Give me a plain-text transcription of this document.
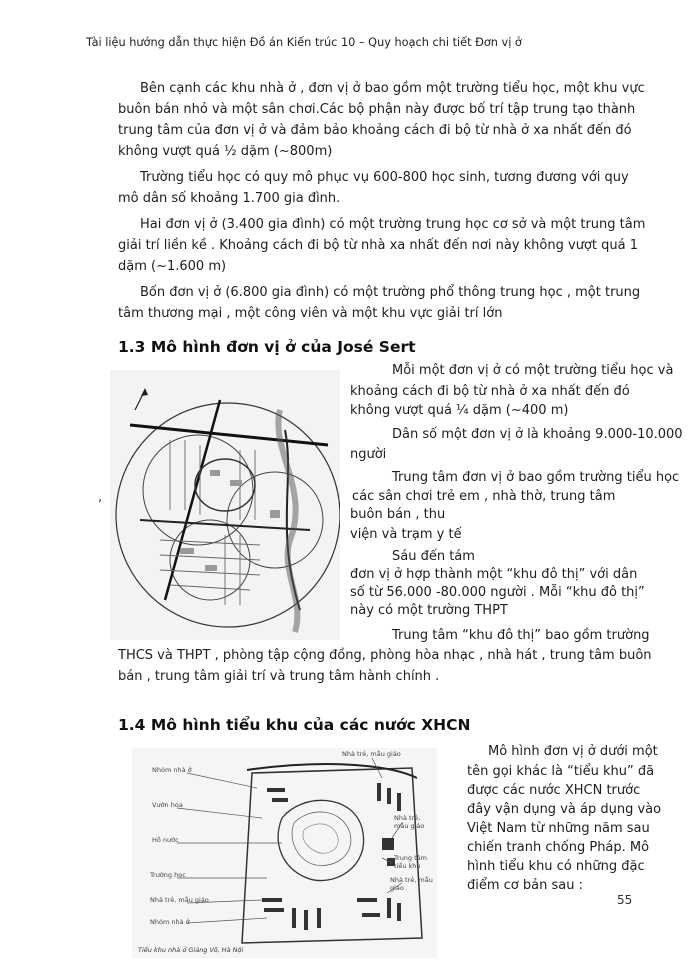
Tài liệu hướng dẫn thực hiện Đồ án Kiến trúc 10 – Quy hoạch chi tiết Đơn vị ở
Bên cạnh các khu nhà ở , đơn vị ở bao gồm một trường tiểu học, một khu vực
buôn bán nhỏ và một sân chơi.Các bộ phận này được bố trí tập trung tạo thành
trung tâm của đơn vị ở và đảm bảo khoảng cách đi bộ từ nhà ở xa nhất đến đó
không vượt quá ½ dặm (~800m)
Trường tiểu học có quy mô phục vụ 600-800 học sinh, tương đương với quy
mô dân số khoảng 1.700 gia đình.
Hai đơn vị ở (3.400 gia đình) có một trường trung học cơ sở và một trung tâm
giải trí liền kề . Khoảng cách đi bộ từ nhà xa nhất đến nơi này không vượt quá 1
dặm (~1.600 m)
Bốn đơn vị ở (6.800 gia đình) có một trường phổ thông trung học , một trung
tâm thương mại , một công viên và một khu vực giải trí lớn
1.3 Mô hình đơn vị ở của José Sert
,
Mỗi một đơn vị ở có một trường tiểu học và
khoảng cách đi bộ từ nhà ở xa nhất đến đó
không vượt quá ¼ dặm (~400 m)
Dân số một đơn vị ở là khoảng 9.000-10.000
người
Trung tâm đơn vị ở bao gồm trường tiểu học
các sân chơi trẻ em , nhà thờ, trung tâm
buôn bán , thu
viện và trạm y tế
Sáu đến tám
đơn vị ở hợp thành một “khu đô thị” với dân
số từ 56.000 -80.000 người . Mỗi “khu đô thị”
này có một trường THPT
Trung tâm “khu đô thị” bao gồm trường
THCS và THPT , phòng tập cộng đồng, phòng hòa nhạc , nhà hát , trung tâm buôn
bán , trung tâm giải trí và trung tâm hành chính .
1.4 Mô hình tiểu khu của các nước XHCN
Nhóm nhà ở
Vườn hoa
Hồ nước
Trường học
Nhà trẻ, mẫu giáo
Nhóm nhà ở
Nhà trẻ, mẫu giáo
Nhà trẻ, mẫu giáo
Trung tâm tiểu khu
Nhà trẻ, mẫu giáo
Tiểu khu nhà ở Giảng Võ, Hà Nội
Mô hình đơn vị ở dưới một
tên gọi khác là “tiểu khu” đã
được các nước XHCN trước
đây vận dụng và áp dụng vào
Việt Nam từ những năm sau
chiến tranh chống Pháp. Mô
hình tiểu khu có những đặc
điểm cơ bản sau :
55
